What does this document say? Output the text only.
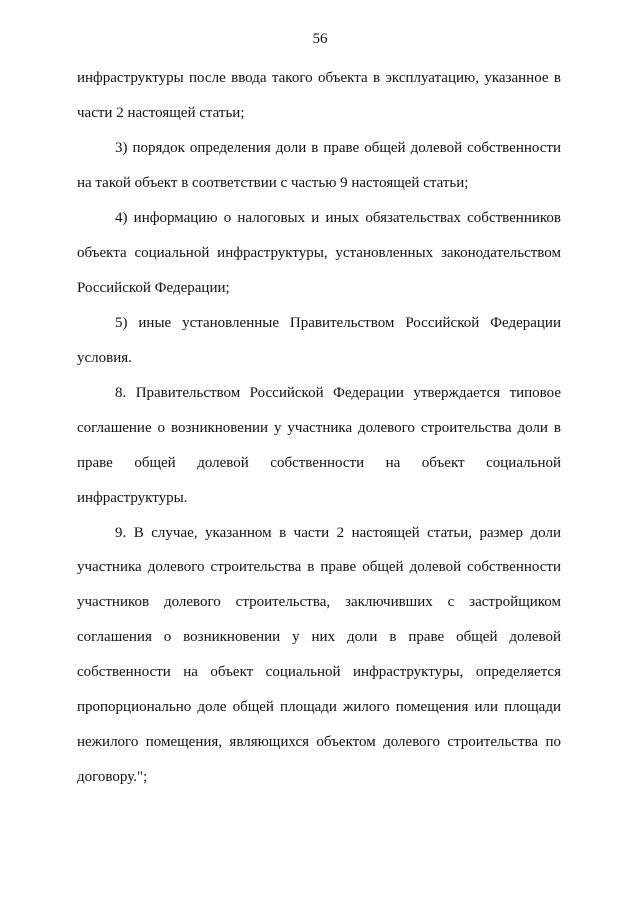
56
инфраструктуры после ввода такого объекта в эксплуатацию, указанное в
части 2 настоящей статьи;
3) порядок определения доли в праве общей долевой собственности
на такой объект в соответствии с частью 9 настоящей статьи;
4) информацию о налоговых и иных обязательствах собственников
объекта социальной инфраструктуры, установленных законодательством
Российской Федерации;
5) иные установленные Правительством Российской Федерации
условия.
8. Правительством Российской Федерации утверждается типовое
соглашение о возникновении у участника долевого строительства доли в
праве общей долевой собственности на объект социальной
инфраструктуры.
9. В случае, указанном в части 2 настоящей статьи, размер доли
участника долевого строительства в праве общей долевой собственности
участников долевого строительства, заключивших с застройщиком
соглашения о возникновении у них доли в праве общей долевой
собственности на объект социальной инфраструктуры, определяется
пропорционально доле общей площади жилого помещения или площади
нежилого помещения, являющихся объектом долевого строительства по
договору.";
